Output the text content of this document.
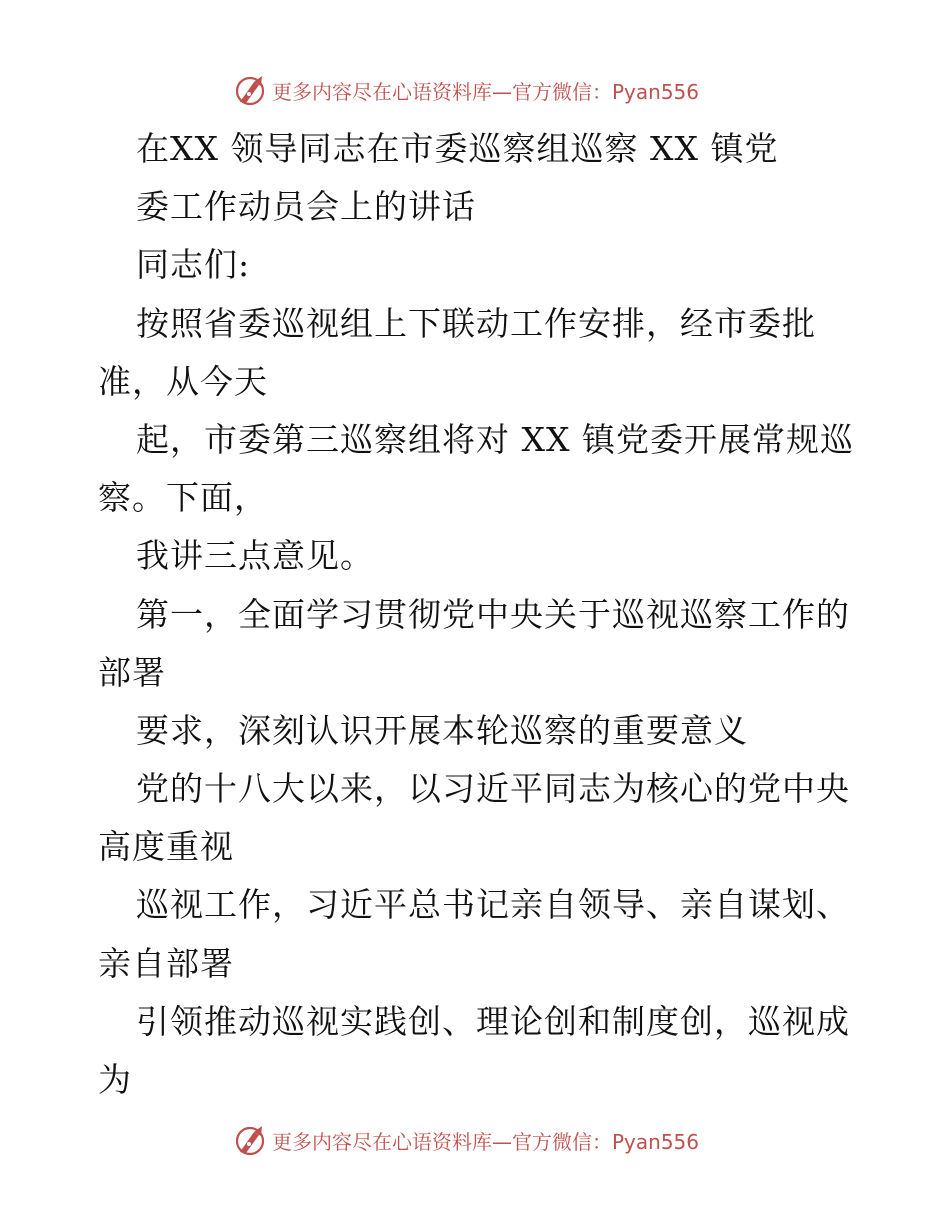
更多内容尽在心语资料库—官方微信：Pyan556
在XX 领导同志在市委巡察组巡察 XX 镇党
委工作动员会上的讲话
同志们:
按照省委巡视组上下联动工作安排，经市委批
准，从今天
起，市委第三巡察组将对 XX 镇党委开展常规巡
察。下面，
我讲三点意见。
第一，全面学习贯彻党中央关于巡视巡察工作的
部署
要求，深刻认识开展本轮巡察的重要意义
党的十八大以来，以习近平同志为核心的党中央
高度重视
巡视工作，习近平总书记亲自领导、亲自谋划、
亲自部署
引领推动巡视实践创、理论创和制度创，巡视成
为
更多内容尽在心语资料库—官方微信：Pyan556
